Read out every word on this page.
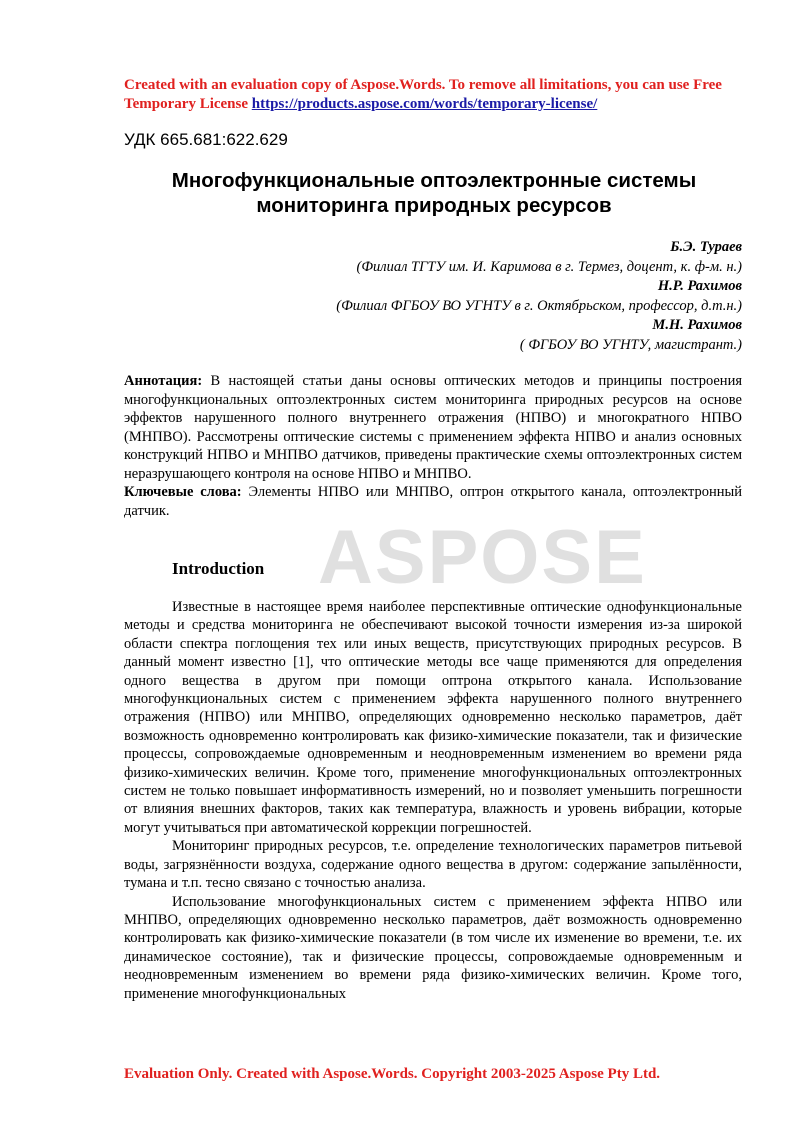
Created with an evaluation copy of Aspose.Words. To remove all limitations, you can use Free Temporary License https://products.aspose.com/words/temporary-license/
УДК 665.681:622.629
Многофункциональные оптоэлектронные системы мониторинга природных ресурсов
Б.Э. Тураев
(Филиал ТГТУ им. И. Каримова в г. Термез, доцент, к. ф-м. н.)
Н.Р. Рахимов
(Филиал ФГБОУ ВО УГНТУ в г. Октябрьском, профессор, д.т.н.)
М.Н. Рахимов
( ФГБОУ ВО УГНТУ, магистрант.)

Аннотация: В настоящей статьи даны основы оптических методов и принципы построения многофункциональных оптоэлектронных систем мониторинга природных ресурсов на основе эффектов нарушенного полного внутреннего отражения (НПВО) и многократного НПВО (МНПВО). Рассмотрены оптические системы с применением эффекта НПВО и анализ основных конструкций НПВО и МНПВО датчиков, приведены практические схемы оптоэлектронных систем неразрушающего контроля на основе НПВО и МНПВО.

Ключевые слова: Элементы НПВО или МНПВО, оптрон открытого канала, оптоэлектронный датчик.

ASPOSE
Introduction

Известные в настоящее время наиболее перспективные оптические однофункциональные методы и средства мониторинга не обеспечивают высокой точности измерения из-за широкой области спектра поглощения тех или иных веществ, присутствующих природных ресурсов. В данный момент известно [1], что оптические методы все чаще применяются для определения одного вещества в другом при помощи оптрона открытого канала. Использование многофункциональных систем с применением эффекта нарушенного полного внутреннего отражения (НПВО) или МНПВО, определяющих одновременно несколько параметров, даёт возможность одновременно контролировать как физико-химические показатели, так и физические процессы, сопровождаемые одновременным и неодновременным изменением во времени ряда физико-химических величин. Кроме того, применение многофункциональных оптоэлектронных систем не только повышает информативность измерений, но и позволяет уменьшить погрешности от влияния внешних факторов, таких как температура, влажность и уровень вибрации, которые могут учитываться при автоматической коррекции погрешностей.

Мониторинг природных ресурсов, т.е. определение технологических параметров питьевой воды, загрязнённости воздуха, содержание одного вещества в другом: содержание запылённости, тумана и т.п. тесно связано с точностью анализа.

Использование многофункциональных систем с применением эффекта НПВО или МНПВО, определяющих одновременно несколько параметров, даёт возможность одновременно контролировать как физико-химические показатели (в том числе их изменение во времени, т.е. их динамическое состояние), так и физические процессы, сопровождаемые одновременным и неодновременным изменением во времени ряда физико-химических величин. Кроме того, применение многофункциональных

Evaluation Only. Created with Aspose.Words. Copyright 2003-2025 Aspose Pty Ltd.
